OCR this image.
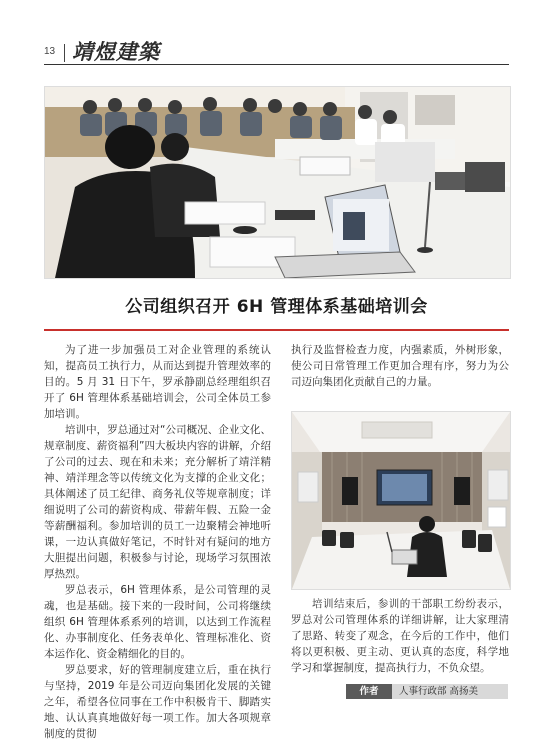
13 靖煜建築
公司组织召开 6H 管理体系基础培训会

为了进一步加强员工对企业管理的系统认知，提高员工执行力，从而达到提升管理效率的目的。5 月 31 日下午，罗承静副总经理组织召开了 6H 管理体系基础培训会，公司全体员工参加培训。

培训中，罗总通过对“公司概况、企业文化、规章制度、薪资福利”四大板块内容的讲解，介绍了公司的过去、现在和未来；充分解析了靖洋精神、靖洋理念等以传统文化为支撑的企业文化；具体阐述了员工纪律、商务礼仪等规章制度；详细说明了公司的薪资构成、带薪年假、五险一金等薪酬福利。参加培训的员工一边聚精会神地听课，一边认真做好笔记，不时针对有疑问的地方大胆提出问题，积极参与讨论，现场学习氛围浓厚热烈。

罗总表示，6H 管理体系，是公司管理的灵魂，也是基础。接下来的一段时间，公司将继续组织 6H 管理体系系列的培训，以达到工作流程化、办事制度化、任务表单化、管理标准化、资本运作化、资金精细化的目的。

罗总要求，好的管理制度建立后，重在执行与坚持，2019 年是公司迈向集团化发展的关键之年，希望各位同事在工作中积极肯干、脚踏实地、认认真真地做好每一项工作。加大各项规章制度的贯彻

执行及监督检查力度，内强素质，外树形象，使公司日常管理工作更加合理有序，努力为公司迈向集团化贡献自己的力量。

培训结束后，参训的干部职工纷纷表示，罗总对公司管理体系的详细讲解，让大家理清了思路、转变了观念，在今后的工作中，他们将以更积极、更主动、更认真的态度，科学地学习和掌握制度，提高执行力，不负众望。

作者	人事行政部 高扬美
